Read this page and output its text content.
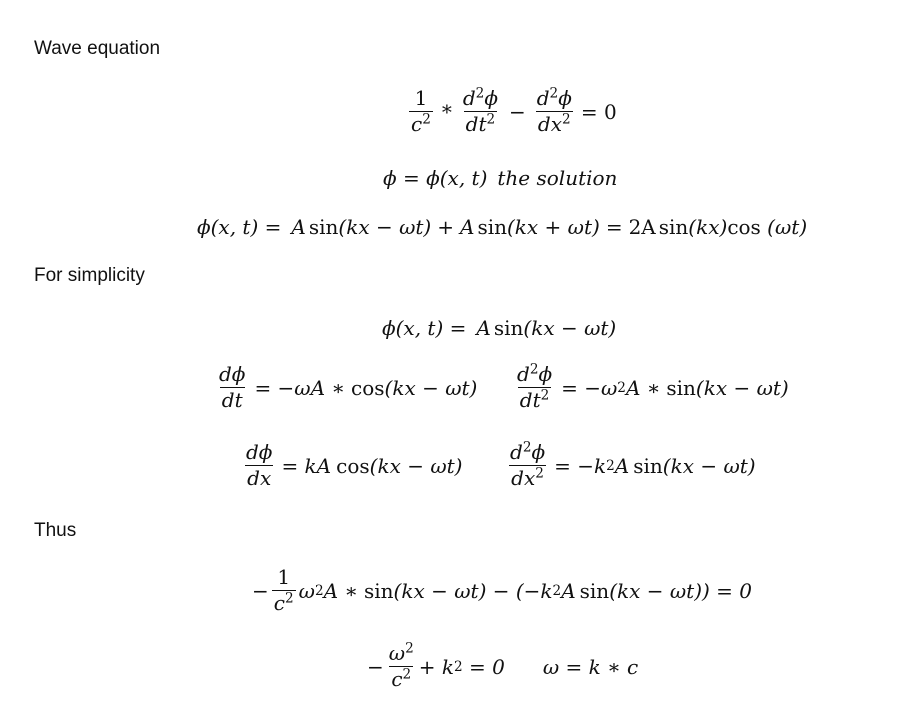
Wave equation
For simplicity
Thus
$\frac{1}{c^2} * \frac{d^2\phi}{dt^2} - \frac{d^2\phi}{dx^2} = 0$
ϕ = ϕ(x, t) the solution
ϕ(x, t) = A sin (kx − ωt) + A sin (kx + ωt) = 2A sin (kx) cos (ωt)
ϕ(x, t) = A sin (kx − ωt)
$\frac{d\phi}{dt} = -\omega A$ ∗ $\cos (kx - \omega t) \frac{d^2\phi}{dt^2} = -\omega$ 2 A ∗ sin (kx − ωt)
$\frac{d\phi}{dx}$ = kA $\cos (kx - \omega t) \frac{d^2\phi}{dx^2} = -k$ 2 A sin (kx − ωt)
− $\frac{1}{c^2}$ ω 2 A ∗ sin (kx − ωt) − (−k 2 A sin (kx − ωt)) = 0
− $\frac{\omega^2}{c^2} + k$ 2 = 0 ω = k ∗ c
